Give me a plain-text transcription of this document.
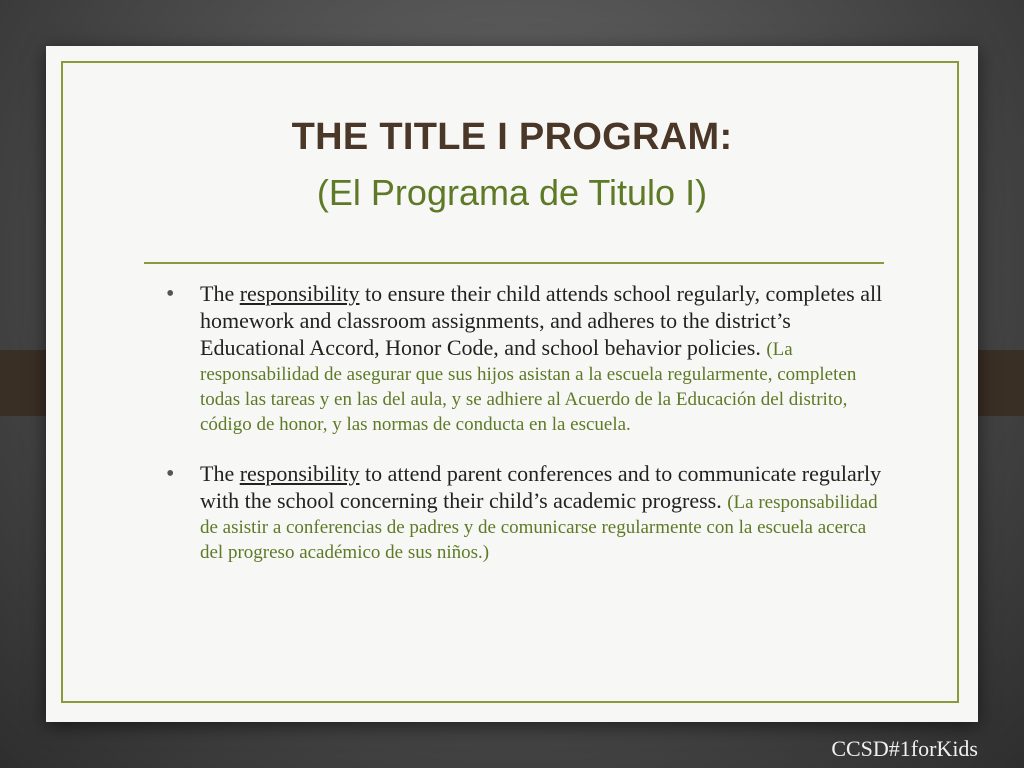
THE TITLE I PROGRAM:
(El Programa de Titulo I)
• The responsibility to ensure their child attends school regularly, completes all homework and classroom assignments, and adheres to the district’s Educational Accord, Honor Code, and school behavior policies. (La responsabilidad de asegurar que sus hijos asistan a la escuela regularmente, completen todas las tareas y en las del aula, y se adhiere al Acuerdo de la Educación del distrito, código de honor, y las normas de conducta en la escuela.
• The responsibility to attend parent conferences and to communicate regularly with the school concerning their child’s academic progress. (La responsabilidad de asistir a conferencias de padres y de comunicarse regularmente con la escuela acerca del progreso académico de sus niños.)
CCSD#1forKids
